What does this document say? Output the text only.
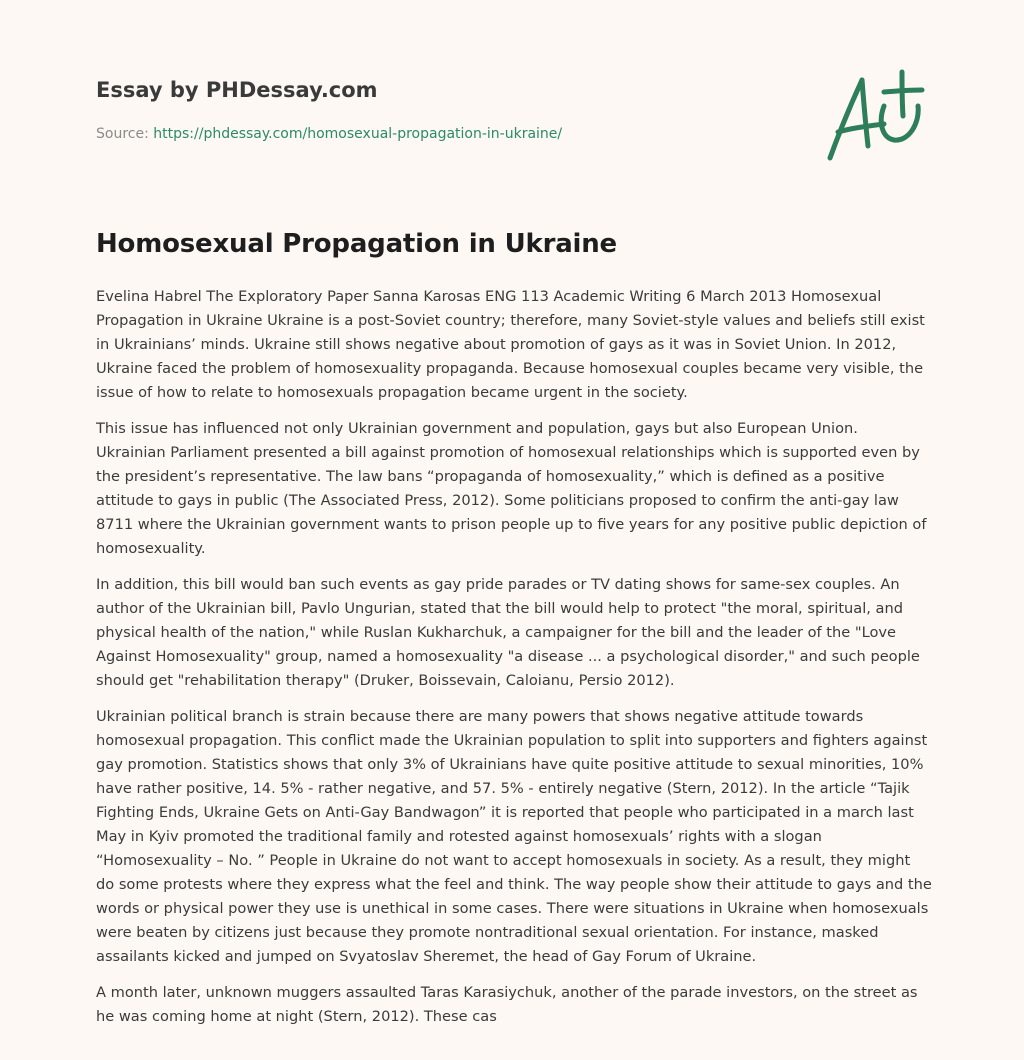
Essay by PHDessay.com
Source: https://phdessay.com/homosexual-propagation-in-ukraine/
Homosexual Propagation in Ukraine

Evelina Habrel The Exploratory Paper Sanna Karosas ENG 113 Academic Writing 6 March 2013 Homosexual Propagation in Ukraine Ukraine is a post-Soviet country; therefore, many Soviet-style values and beliefs still exist in Ukrainians’ minds. Ukraine still shows negative about promotion of gays as it was in Soviet Union. In 2012, Ukraine faced the problem of homosexuality propaganda. Because homosexual couples became very visible, the issue of how to relate to homosexuals propagation became urgent in the society.

This issue has influenced not only Ukrainian government and population, gays but also European Union. Ukrainian Parliament presented a bill against promotion of homosexual relationships which is supported even by the president’s representative. The law bans “propaganda of homosexuality,” which is defined as a positive attitude to gays in public (The Associated Press, 2012). Some politicians proposed to confirm the anti-gay law 8711 where the Ukrainian government wants to prison people up to five years for any positive public depiction of homosexuality.

In addition, this bill would ban such events as gay pride parades or TV dating shows for same-sex couples. An author of the Ukrainian bill, Pavlo Ungurian, stated that the bill would help to protect "the moral, spiritual, and physical health of the nation," while Ruslan Kukharchuk, a campaigner for the bill and the leader of the "Love Against Homosexuality" group, named a homosexuality "a disease ... a psychological disorder," and such people should get "rehabilitation therapy" (Druker, Boissevain, Caloianu, Persio 2012).

Ukrainian political branch is strain because there are many powers that shows negative attitude towards homosexual propagation. This conflict made the Ukrainian population to split into supporters and fighters against gay promotion. Statistics shows that only 3% of Ukrainians have quite positive attitude to sexual minorities, 10% have rather positive, 14. 5% - rather negative, and 57. 5% - entirely negative (Stern, 2012). In the article “Tajik Fighting Ends, Ukraine Gets on Anti-Gay Bandwagon” it is reported that people who participated in a march last May in Kyiv promoted the traditional family and rotested against homosexuals’ rights with a slogan “Homosexuality – No. ” People in Ukraine do not want to accept homosexuals in society. As a result, they might do some protests where they express what the feel and think. The way people show their attitude to gays and the words or physical power they use is unethical in some cases. There were situations in Ukraine when homosexuals were beaten by citizens just because they promote nontraditional sexual orientation. For instance, masked assailants kicked and jumped on Svyatoslav Sheremet, the head of Gay Forum of Ukraine.

A month later, unknown muggers assaulted Taras Karasiychuk, another of the parade investors, on the street as he was coming home at night (Stern, 2012). These cas
